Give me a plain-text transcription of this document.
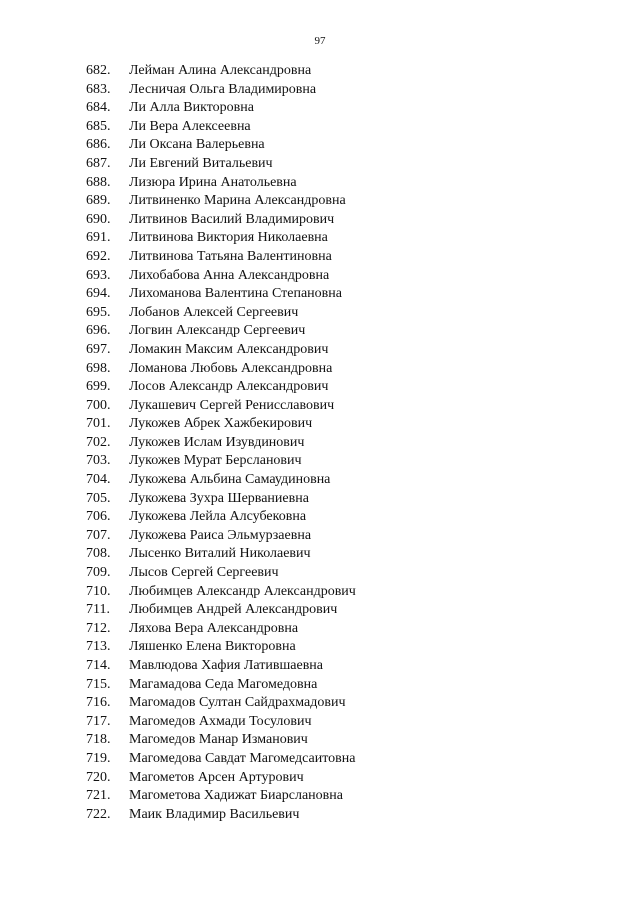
97
682.	Лейман Алина Александровна
683.	Лесничая Ольга Владимировна
684.	Ли Алла Викторовна
685.	Ли Вера Алексеевна
686.	Ли Оксана Валерьевна
687.	Ли Евгений Витальевич
688.	Лизюра Ирина Анатольевна
689.	Литвиненко Марина Александровна
690.	Литвинов Василий Владимирович
691.	Литвинова Виктория Николаевна
692.	Литвинова Татьяна Валентиновна
693.	Лихобабова Анна Александровна
694.	Лихоманова Валентина Степановна
695.	Лобанов Алексей Сергеевич
696.	Логвин Александр Сергеевич
697.	Ломакин Максим Александрович
698.	Ломанова Любовь Александровна
699.	Лосов Александр Александрович
700.	Лукашевич Сергей Ренисславович
701.	Лукожев Абрек Хажбекирович
702.	Лукожев Ислам Изувдинович
703.	Лукожев Мурат Берсланович
704.	Лукожева Альбина Самаудиновна
705.	Лукожева Зухра Шерваниевна
706.	Лукожева Лейла Алсубековна
707.	Лукожева Раиса Эльмурзаевна
708.	Лысенко Виталий Николаевич
709.	Лысов Сергей Сергеевич
710.	Любимцев Александр Александрович
711.	Любимцев Андрей Александрович
712.	Ляхова Вера Александровна
713.	Ляшенко Елена Викторовна
714.	Мавлюдова Хафия Латившаевна
715.	Магамадова Седа Магомедовна
716.	Магомадов Султан Сайдрахмадович
717.	Магомедов Ахмади Тосулович
718.	Магомедов Манар Изманович
719.	Магомедова Савдат Магомедсаитовна
720.	Магометов Арсен Артурович
721.	Магометова Хадижат Биарслановна
722.	Маик Владимир Васильевич
